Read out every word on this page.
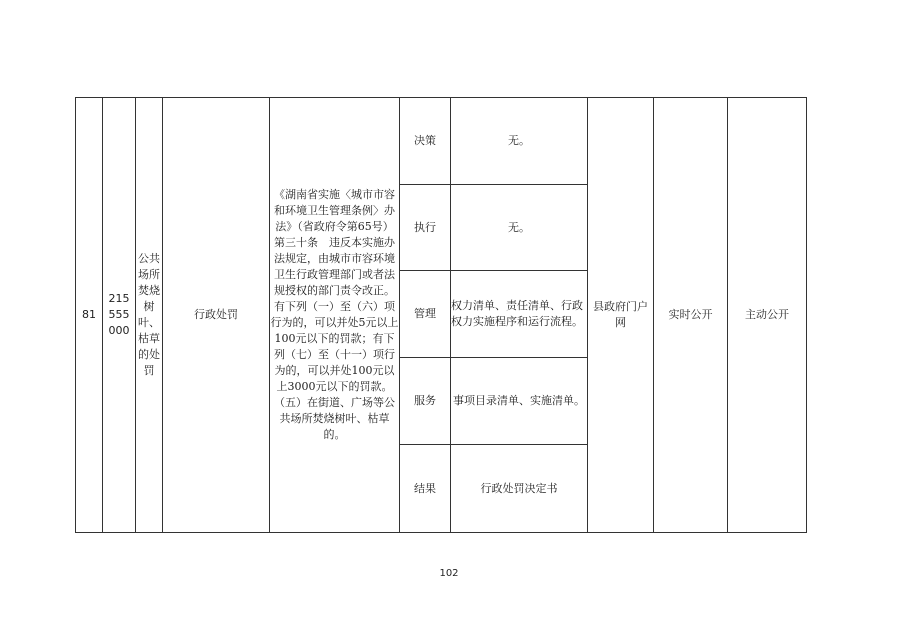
81	215555000	公共场所焚烧树叶、枯草的处罚	行政处罚	《湖南省实施〈城市市容和环境卫生管理条例〉办法》（省政府令第65号）第三十条　违反本实施办法规定，由城市市容环境卫生行政管理部门或者法规授权的部门责令改正。有下列（一）至（六）项行为的，可以并处5元以上100元以下的罚款；有下列（七）至（十一）项行为的，可以并处100元以上3000元以下的罚款。（五）在街道、广场等公共场所焚烧树叶、枯草的。	决策	无。	县政府门户网	实时公开	主动公开
					执行	无。			
					管理	权力清单、责任清单、行政权力实施程序和运行流程。			
					服务	事项目录清单、实施清单。			
					结果	行政处罚决定书			
102
